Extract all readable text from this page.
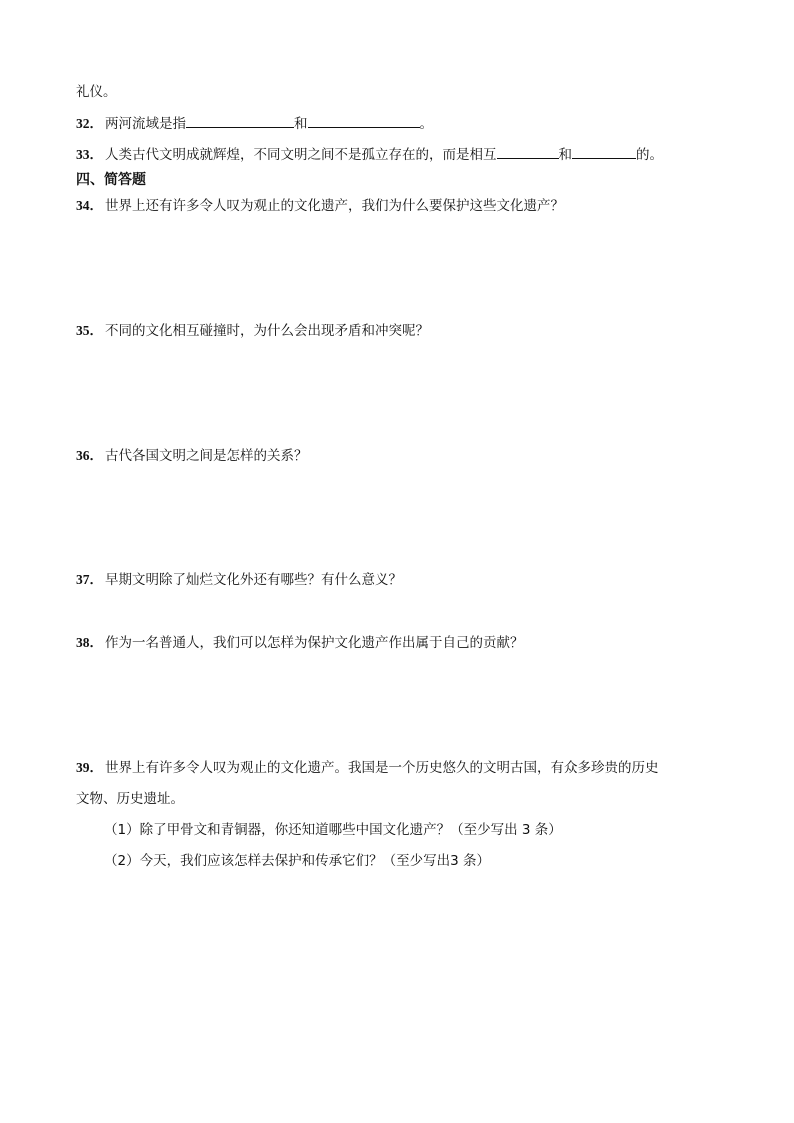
礼仪。
32． 两河流域是指	和	。
33． 人类古代文明成就辉煌，不同文明之间不是孤立存在的，而是相互	和	的。
四、简答题
34． 世界上还有许多令人叹为观止的文化遗产，我们为什么要保护这些文化遗产？
35． 不同的文化相互碰撞时，为什么会出现矛盾和冲突呢？
36． 古代各国文明之间是怎样的关系？
37． 早期文明除了灿烂文化外还有哪些？有什么意义？
38． 作为一名普通人，我们可以怎样为保护文化遗产作出属于自己的贡献？
39． 世界上有许多令人叹为观止的文化遗产。我国是一个历史悠久的文明古国，有众多珍贵的历史
文物、历史遗址。
（1）除了甲骨文和青铜器，你还知道哪些中国文化遗产？（至少写出 3 条）
（2）今天，我们应该怎样去保护和传承它们？（至少写出3 条）
